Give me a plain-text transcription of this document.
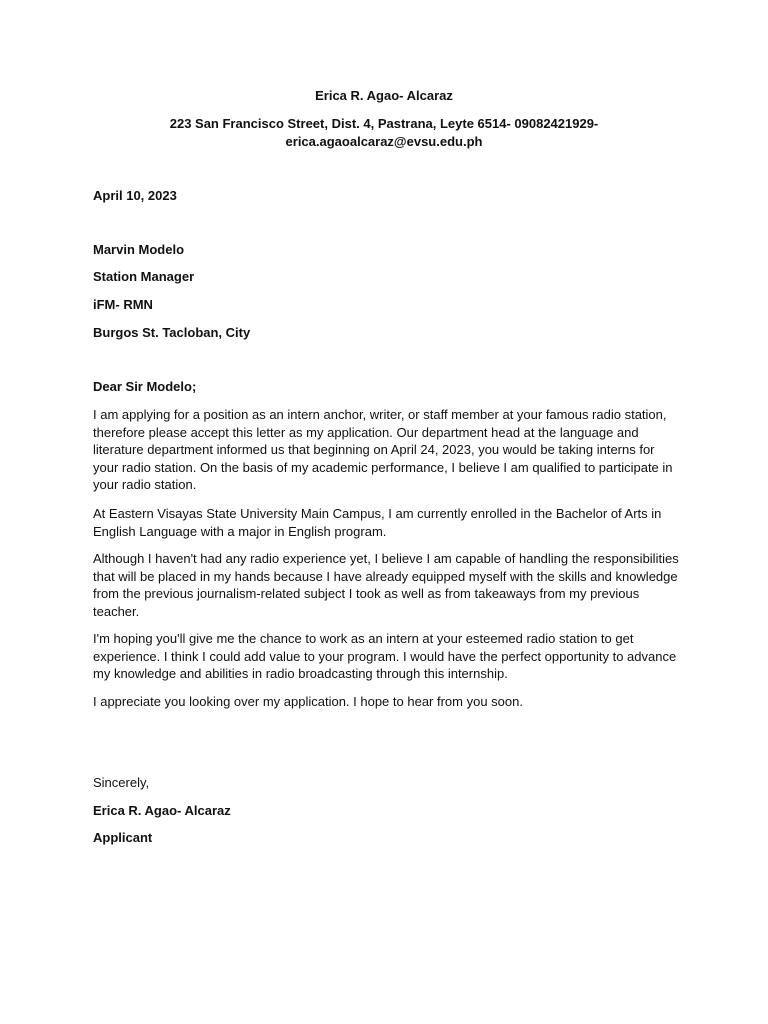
Erica R. Agao- Alcaraz
223 San Francisco Street, Dist. 4, Pastrana, Leyte 6514- 09082421929-
erica.agaoalcaraz@evsu.edu.ph
April 10, 2023
Marvin Modelo
Station Manager
iFM- RMN
Burgos St. Tacloban, City
Dear Sir Modelo;
I am applying for a position as an intern anchor, writer, or staff member at your famous radio station, therefore please accept this letter as my application. Our department head at the language and literature department informed us that beginning on April 24, 2023, you would be taking interns for your radio station. On the basis of my academic performance, I believe I am qualified to participate in your radio station.
At Eastern Visayas State University Main Campus, I am currently enrolled in the Bachelor of Arts in English Language with a major in English program.
Although I haven't had any radio experience yet, I believe I am capable of handling the responsibilities that will be placed in my hands because I have already equipped myself with the skills and knowledge from the previous journalism-related subject I took as well as from takeaways from my previous teacher.
I'm hoping you'll give me the chance to work as an intern at your esteemed radio station to get experience. I think I could add value to your program. I would have the perfect opportunity to advance my knowledge and abilities in radio broadcasting through this internship.
I appreciate you looking over my application. I hope to hear from you soon.
Sincerely,
Erica R. Agao- Alcaraz
Applicant
